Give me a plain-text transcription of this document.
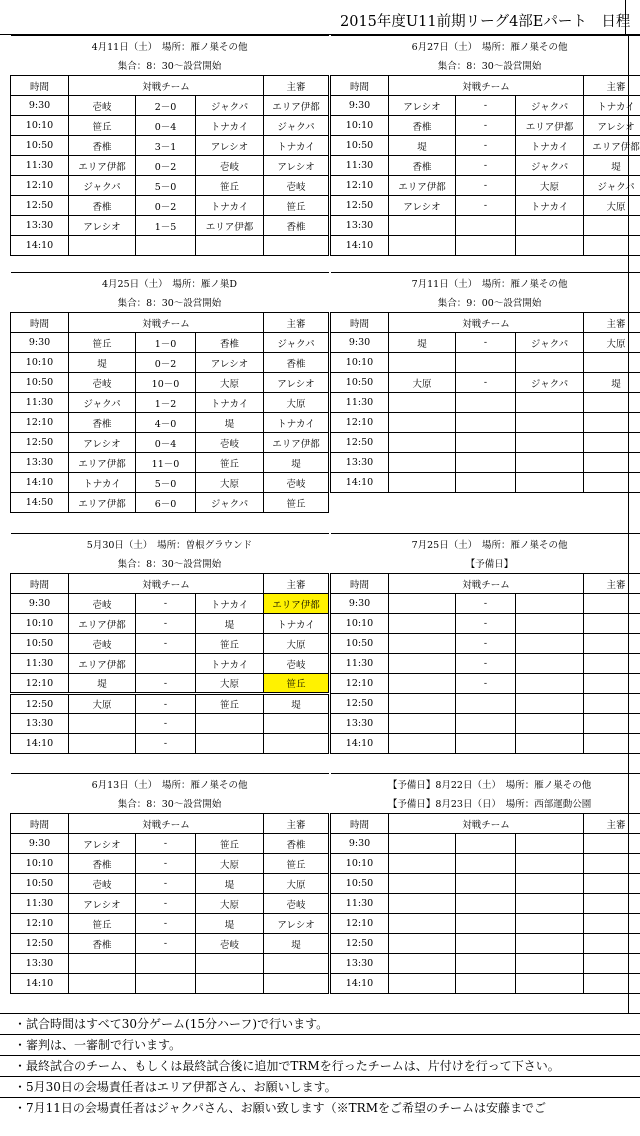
2015年度U11前期リーグ4部Eパート　日程
4月11日（土）　場所：雁ノ巣その他				
集合：8：30〜設営開始				
時間	対戦チーム			主審
9:30	壱岐	2－0	ジャクパ	エリア伊都
10:10	笹丘	0－4	トナカイ	ジャクパ
10:50	香椎	3－1	アレシオ	トナカイ
11:30	エリア伊都	0－2	壱岐	アレシオ
12:10	ジャクパ	5－0	笹丘	壱岐
12:50	香椎	0－2	トナカイ	笹丘
13:30	アレシオ	1－5	エリア伊都	香椎
14:10				
6月27日（土）　場所：雁ノ巣その他				
集合：8：30〜設営開始				
時間	対戦チーム			主審
9:30	アレシオ	-	ジャクパ	トナカイ
10:10	香椎	-	エリア伊都	アレシオ
10:50	堤	-	トナカイ	エリア伊都
11:30	香椎	-	ジャクパ	堤
12:10	エリア伊都	-	大原	ジャクパ
12:50	アレシオ	-	トナカイ	大原
13:30				
14:10				
4月25日（土）　場所：雁ノ巣D				
集合：8：30〜設営開始				
時間	対戦チーム			主審
9:30	笹丘	1－0	香椎	ジャクパ
10:10	堤	0－2	アレシオ	香椎
10:50	壱岐	10－0	大原	アレシオ
11:30	ジャクパ	1－2	トナカイ	大原
12:10	香椎	4－0	堤	トナカイ
12:50	アレシオ	0－4	壱岐	エリア伊都
13:30	エリア伊都	11－0	笹丘	堤
14:10	トナカイ	5－0	大原	壱岐
14:50	エリア伊都	6－0	ジャクパ	笹丘
7月11日（土）　場所：雁ノ巣その他				
集合：9：00〜設営開始				
時間	対戦チーム			主審
9:30	堤	-	ジャクパ	大原
10:10				
10:50	大原	-	ジャクパ	堤
11:30				
12:10				
12:50				
13:30				
14:10				
5月30日（土）　場所：曽根グラウンド				
集合：8：30〜設営開始				
時間	対戦チーム			主審
9:30	壱岐	-	トナカイ	エリア伊都
10:10	エリア伊都	-	堤	トナカイ
10:50	壱岐	-	笹丘	大原
11:30	エリア伊都		トナカイ	壱岐
12:10	堤	-	大原	笹丘
12:50	大原	-	笹丘	堤
13:30		-		
14:10		-		
7月25日（土）　場所：雁ノ巣その他				
【予備日】				
時間	対戦チーム			主審
9:30		-		
10:10		-		
10:50		-		
11:30		-		
12:10		-		
12:50				
13:30				
14:10				
6月13日（土）　場所：雁ノ巣その他				
集合：8：30〜設営開始				
時間	対戦チーム			主審
9:30	アレシオ	-	笹丘	香椎
10:10	香椎	-	大原	笹丘
10:50	壱岐	-	堤	大原
11:30	アレシオ	-	大原	壱岐
12:10	笹丘	-	堤	アレシオ
12:50	香椎	-	壱岐	堤
13:30				
14:10				
【予備日】8月22日（土）　場所：雁ノ巣その他				
【予備日】8月23日（日）　場所：西部運動公園				
時間	対戦チーム			主審
9:30				
10:10				
10:50				
11:30				
12:10				
12:50				
13:30				
14:10				
・試合時間はすべて30分ゲーム(15分ハーフ)で行います。
・審判は、一審制で行います。
・最終試合のチーム、もしくは最終試合後に追加でTRMを行ったチームは、片付けを行って下さい。
・5月30日の会場責任者はエリア伊都さん、お願いします。
・7月11日の会場責任者はジャクパさん、お願い致します（※TRMをご希望のチームは安藤までご
